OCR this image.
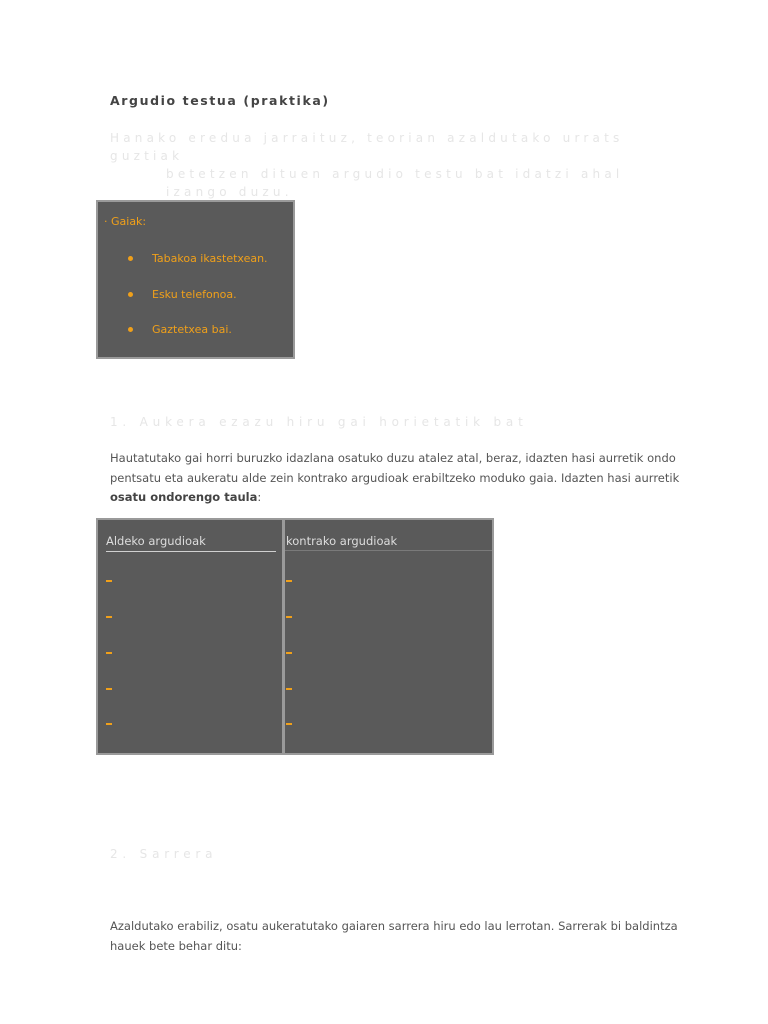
Argudio testua (praktika)
Hanako eredua jarraituz, teorian azaldutako urrats guztiak
betetzen dituen argudio testu bat idatzi ahal izango duzu.
· Gaiak:
Tabakoa ikastetxean.
Esku telefonoa.
Gaztetxea bai.
1. Aukera ezazu hiru gai horietatik bat
Hautatutako gai horri buruzko idazlana osatuko duzu atalez atal, beraz, idazten hasi aurretik ondo pentsatu eta aukeratu alde zein kontrako argudioak erabiltzeko moduko gaia. Idazten hasi aurretik osatu ondorengo taula:
Aldeko argudioak	kontrako argudioak
2. Sarrera
Azaldutako erabiliz, osatu aukeratutako gaiaren sarrera hiru edo lau lerrotan. Sarrerak bi baldintza hauek bete behar ditu:
